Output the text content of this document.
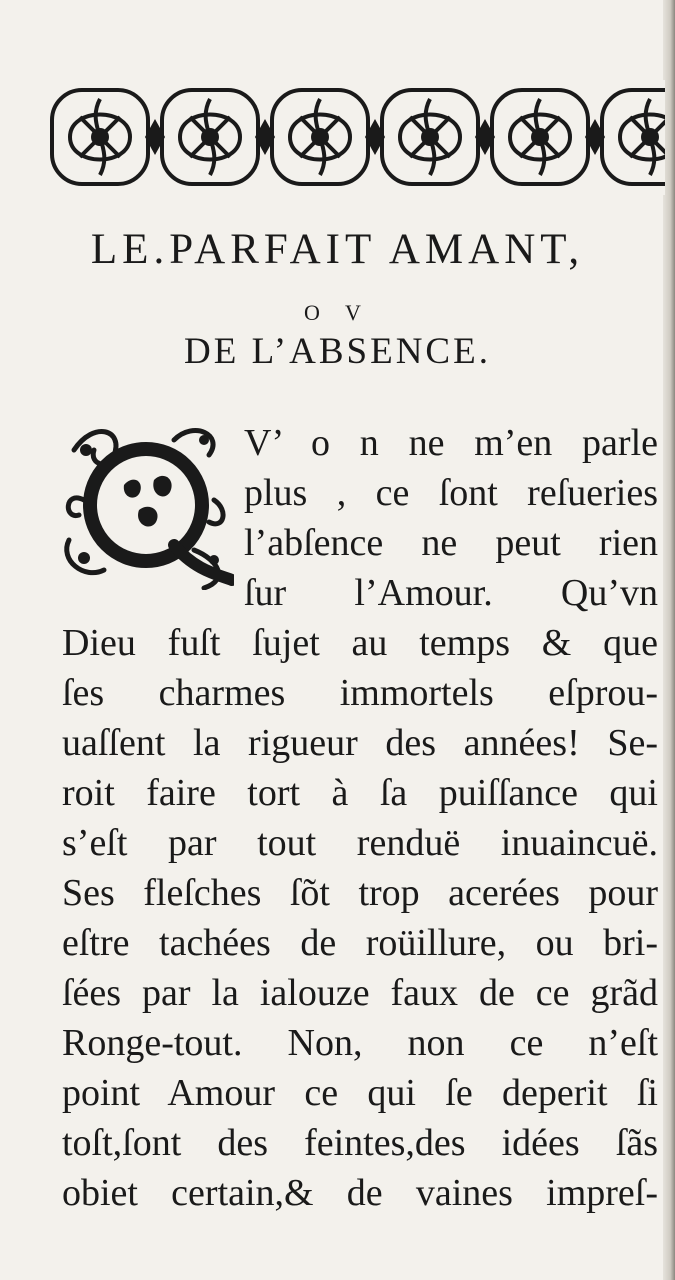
LE.PARFAIT AMANT,
O V
DE L’ABSENCE.
V’ o n ne m’en parle
plus , ce ſont reſueries
l’abſence ne peut rien
ſur l’Amour. Qu’vn
Dieu fuſt ſujet au temps & que
ſes charmes immortels eſprou-
uaſſent la rigueur des années! Se-
roit faire tort à ſa puiſſance qui
s’eſt par tout renduë inuaincuë.
Ses fleſches ſõt trop acerées pour
eſtre tachées de roüillure, ou bri-
ſées par la ialouze faux de ce grãd
Ronge-tout. Non, non ce n’eſt
point Amour ce qui ſe deperit ſi
toſt,ſont des feintes,des idées ſãs
obiet certain,& de vaines impreſ-
